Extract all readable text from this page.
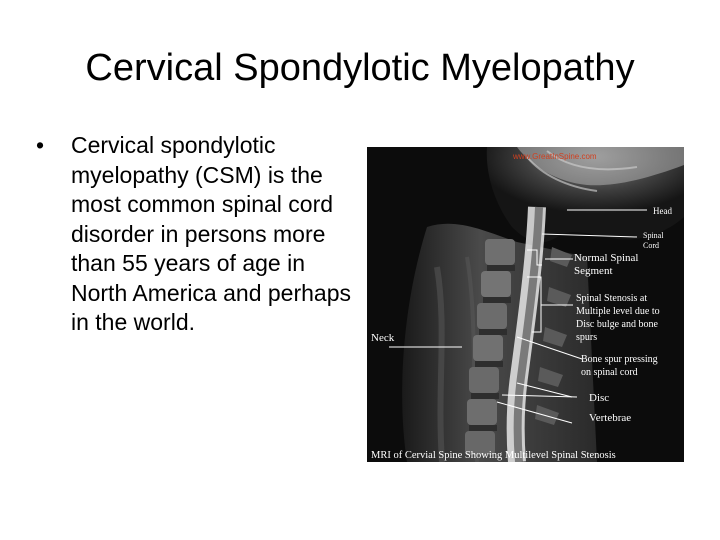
Cervical Spondylotic Myelopathy
• Cervical spondylotic myelopathy (CSM) is the most common spinal cord disorder in persons more than 55 years of age in North America and perhaps in the world.
www.GreatInSpine.com
Head
Spinal
Cord
Normal Spinal
Segment
Spinal Stenosis at
Multiple level due to
Disc bulge and bone
spurs
Neck
Bone spur pressing
on spinal cord
Disc
Vertebrae
MRI of Cervial Spine Showing Multilevel Spinal Stenosis
